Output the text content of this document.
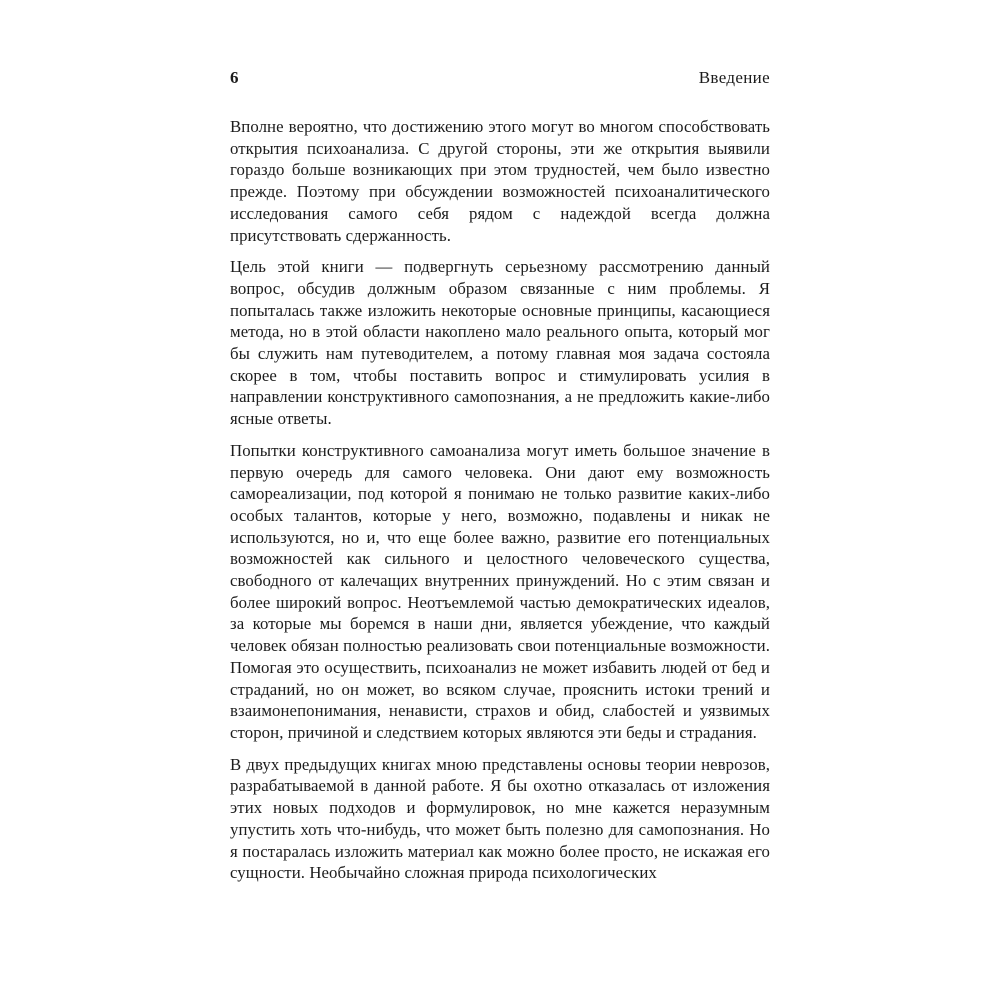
6	Введение

Вполне вероятно, что достижению этого могут во многом способствовать открытия психоанализа. С другой стороны, эти же открытия выявили гораздо больше возникающих при этом трудностей, чем было известно прежде. Поэтому при обсуждении возможностей психоаналитического исследования самого себя рядом с надеждой всегда должна присутствовать сдержанность.

Цель этой книги — подвергнуть серьезному рассмотрению данный вопрос, обсудив должным образом связанные с ним проблемы. Я попыталась также изложить некоторые основные принципы, касающиеся метода, но в этой области накоплено мало реального опыта, который мог бы служить нам путеводителем, а потому главная моя задача состояла скорее в том, чтобы поставить вопрос и стимулировать усилия в направлении конструктивного самопознания, а не предложить какие-либо ясные ответы.

Попытки конструктивного самоанализа могут иметь большое значение в первую очередь для самого человека. Они дают ему возможность самореализации, под которой я понимаю не только развитие каких-либо особых талантов, которые у него, возможно, подавлены и никак не используются, но и, что еще более важно, развитие его потенциальных возможностей как сильного и целостного человеческого существа, свободного от калечащих внутренних принуждений. Но с этим связан и более широкий вопрос. Неотъемлемой частью демократических идеалов, за которые мы боремся в наши дни, является убеждение, что каждый человек обязан полностью реализовать свои потенциальные возможности. Помогая это осуществить, психоанализ не может избавить людей от бед и страданий, но он может, во всяком случае, прояснить истоки трений и взаимонепонимания, ненависти, страхов и обид, слабостей и уязвимых сторон, причиной и следствием которых являются эти беды и страдания.

В двух предыдущих книгах мною представлены основы теории неврозов, разрабатываемой в данной работе. Я бы охотно отказалась от изложения этих новых подходов и формулировок, но мне кажется неразумным упустить хоть что-нибудь, что может быть полезно для самопознания. Но я постаралась изложить материал как можно более просто, не искажая его сущности. Необычайно сложная природа психологических
